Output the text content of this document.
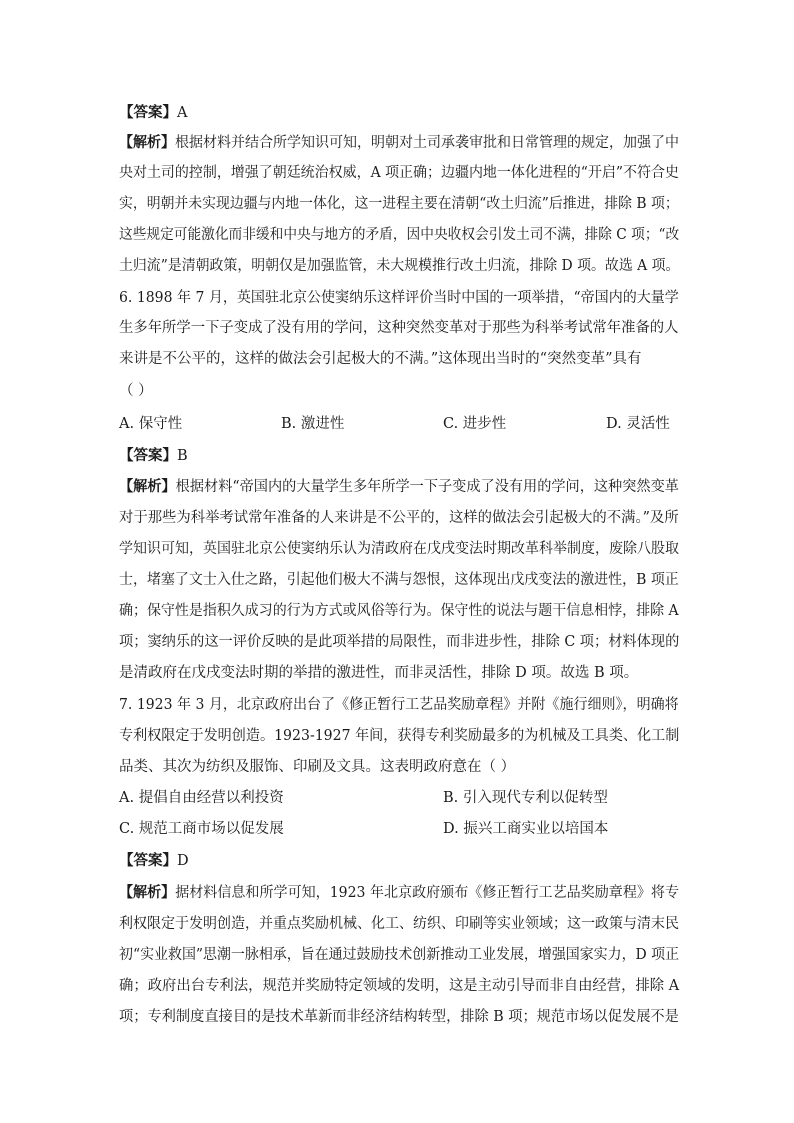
【答案】A
【解析】根据材料并结合所学知识可知，明朝对土司承袭审批和日常管理的规定，加强了中
央对土司的控制，增强了朝廷统治权威，A 项正确；边疆内地一体化进程的“开启”不符合史
实，明朝并未实现边疆与内地一体化，这一进程主要在清朝“改土归流”后推进，排除 B 项；
这些规定可能激化而非缓和中央与地方的矛盾，因中央收权会引发土司不满，排除 C 项；“改
土归流”是清朝政策，明朝仅是加强监管，未大规模推行改土归流，排除 D 项。故选 A 项。
6. 1898 年 7 月，英国驻北京公使窦纳乐这样评价当时中国的一项举措，“帝国内的大量学
生多年所学一下子变成了没有用的学问，这种突然变革对于那些为科举考试常年准备的人
来讲是不公平的，这样的做法会引起极大的不满。”这体现出当时的“突然变革”具有
（ ）
A. 保守性	B. 激进性	C. 进步性	D. 灵活性
【答案】B
【解析】根据材料“帝国内的大量学生多年所学一下子变成了没有用的学问，这种突然变革
对于那些为科举考试常年准备的人来讲是不公平的，这样的做法会引起极大的不满。”及所
学知识可知，英国驻北京公使窦纳乐认为清政府在戊戌变法时期改革科举制度，废除八股取
士，堵塞了文士入仕之路，引起他们极大不满与怨恨，这体现出戊戌变法的激进性，B 项正
确；保守性是指积久成习的行为方式或风俗等行为。保守性的说法与题干信息相悖，排除 A
项；窦纳乐的这一评价反映的是此项举措的局限性，而非进步性，排除 C 项；材料体现的
是清政府在戊戌变法时期的举措的激进性，而非灵活性，排除 D 项。故选 B 项。
7. 1923 年 3 月，北京政府出台了《修正暂行工艺品奖励章程》并附《施行细则》，明确将
专利权限定于发明创造。1923-1927 年间，获得专利奖励最多的为机械及工具类、化工制
品类、其次为纺织及服饰、印刷及文具。这表明政府意在（ ）
A. 提倡自由经营以利投资	B. 引入现代专利以促转型
C. 规范工商市场以促发展	D. 振兴工商实业以培国本
【答案】D
【解析】据材料信息和所学可知，1923 年北京政府颁布《修正暂行工艺品奖励章程》将专
利权限定于发明创造，并重点奖励机械、化工、纺织、印刷等实业领域；这一政策与清末民
初“实业救国”思潮一脉相承，旨在通过鼓励技术创新推动工业发展，增强国家实力，D 项正
确；政府出台专利法，规范并奖励特定领域的发明，这是主动引导而非自由经营，排除 A
项；专利制度直接目的是技术革新而非经济结构转型，排除 B 项；规范市场以促发展不是
